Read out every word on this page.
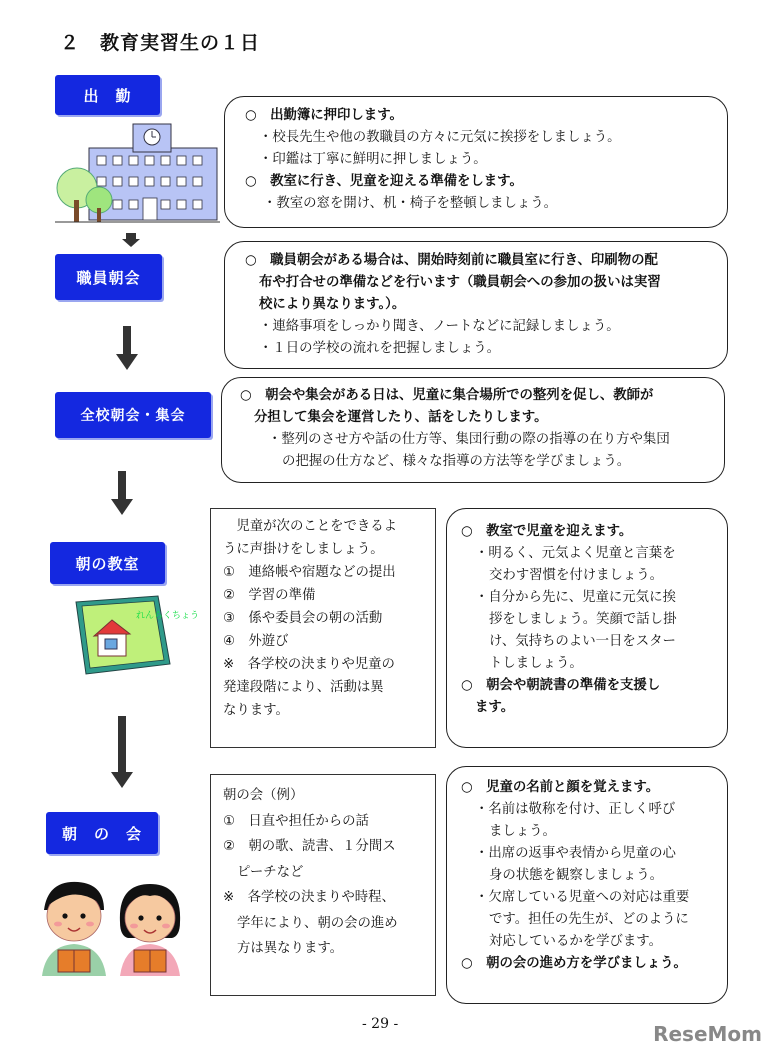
２　教育実習生の１日
出　勤
○　出勤簿に押印します。
・校長先生や他の教職員の方々に元気に挨拶をしましょう。
・印鑑は丁寧に鮮明に押しましょう。
○　教室に行き、児童を迎える準備をします。
・教室の窓を開け、机・椅子を整頓しましょう。
職員朝会
○　職員朝会がある場合は、開始時刻前に職員室に行き、印刷物の配
布や打合せの準備などを行います（職員朝会への参加の扱いは実習
校により異なります。）。
・連絡事項をしっかり聞き、ノートなどに記録しましょう。
・１日の学校の流れを把握しましょう。
全校朝会・集会
○　朝会や集会がある日は、児童に集合場所での整列を促し、教師が
分担して集会を運営したり、話をしたりします。
・整列のさせ方や話の仕方等、集団行動の際の指導の在り方や集団
の把握の仕方など、様々な指導の方法等を学びましょう。
朝の教室
れんらくちょう
　児童が次のことをできるよ
うに声掛けをしましょう。
①　連絡帳や宿題などの提出
②　学習の準備
③　係や委員会の朝の活動
④　外遊び
※　各学校の決まりや児童の
発達段階により、活動は異
なります。
○　教室で児童を迎えます。
・明るく、元気よく児童と言葉を
交わす習慣を付けましょう。
・自分から先に、児童に元気に挨
拶をしましょう。笑顔で話し掛
け、気持ちのよい一日をスター
トしましょう。
○　朝会や朝読書の準備を支援し
ます。
朝　の　会
朝の会（例）
①　日直や担任からの話
②　朝の歌、読書、１分間ス
ピーチなど
※　各学校の決まりや時程、
学年により、朝の会の進め
方は異なります。
○　児童の名前と顔を覚えます。
・名前は敬称を付け、正しく呼び
ましょう。
・出席の返事や表情から児童の心
身の状態を観察しましょう。
・欠席している児童への対応は重要
です。担任の先生が、どのように
対応しているかを学びます。
○　朝の会の進め方を学びましょう。
- 29 -	ReseMom
